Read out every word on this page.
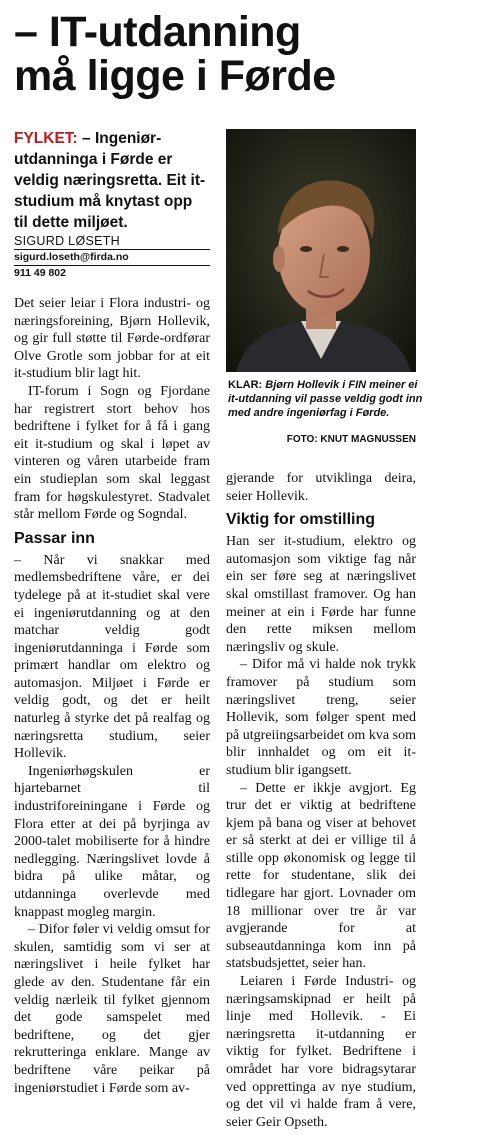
– IT-utdanning
må ligge i Førde
FYLKET: – Ingeniørutdanninga i Førde er veldig næringsretta. Eit it-studium må knytast opp til dette miljøet.
SIGURD LØSETH
sigurd.loseth@firda.no
911 49 802

Det seier leiar i Flora industri- og næringsforeining, Bjørn Hollevik, og gir full støtte til Førde-ordførar Olve Grotle som jobbar for at eit it-studium blir lagt hit.

IT-forum i Sogn og Fjordane har registrert stort behov hos bedriftene i fylket for å få i gang eit it-studium og skal i løpet av vinteren og våren utarbeide fram ein studieplan som skal leggast fram for høgskulestyret. Stadvalet står mellom Førde og Sogndal.

Passar inn

– Når vi snakkar med medlemsbedriftene våre, er dei tydelege på at it-studiet skal vere ei ingeniørutdanning og at den matchar veldig godt ingeniørutdanninga i Førde som primært handlar om elektro og automasjon. Miljøet i Førde er veldig godt, og det er heilt naturleg å styrke det på realfag og næringsretta studium, seier Hollevik.

Ingeniørhøgskulen er hjartebarnet til industriforeiningane i Førde og Flora etter at dei på byrjinga av 2000-talet mobiliserte for å hindre nedlegging. Næringslivet lovde å bidra på ulike måtar, og utdanninga overlevde med knappast mogleg margin.

– Difor føler vi veldig omsut for skulen, samtidig som vi ser at næringslivet i heile fylket har glede av den. Studentane får ein veldig nærleik til fylket gjennom det gode samspelet med bedriftene, og det gjer rekrutteringa enklare. Mange av bedriftene våre peikar på ingeniørstudiet i Førde som av-

KLAR: Bjørn Hollevik i FIN meiner ei it-utdanning vil passe veldig godt inn med andre ingeniørfag i Førde.
FOTO: KNUT MAGNUSSEN

gjerande for utviklinga deira, seier Hollevik.

Viktig for omstilling

Han ser it-studium, elektro og automasjon som viktige fag når ein ser føre seg at næringslivet skal omstillast framover. Og han meiner at ein i Førde har funne den rette miksen mellom næringsliv og skule.

– Difor må vi halde nok trykk framover på studium som næringslivet treng, seier Hollevik, som følger spent med på utgreiingsarbeidet om kva som blir innhaldet og om eit it-studium blir igangsett.

– Dette er ikkje avgjort. Eg trur det er viktig at bedriftene kjem på bana og viser at behovet er så sterkt at dei er villige til å stille opp økonomisk og legge til rette for studentane, slik dei tidlegare har gjort. Lovnader om 18 millionar over tre år var avgjerande for at subseautdanninga kom inn på statsbudsjettet, seier han.

Leiaren i Førde Industri- og næringsamskipnad er heilt på linje med Hollevik. - Ei næringsretta it-utdanning er viktig for fylket. Bedriftene i området har vore bidragsytarar ved opprettinga av nye studium, og det vil vi halde fram å vere, seier Geir Opseth.
